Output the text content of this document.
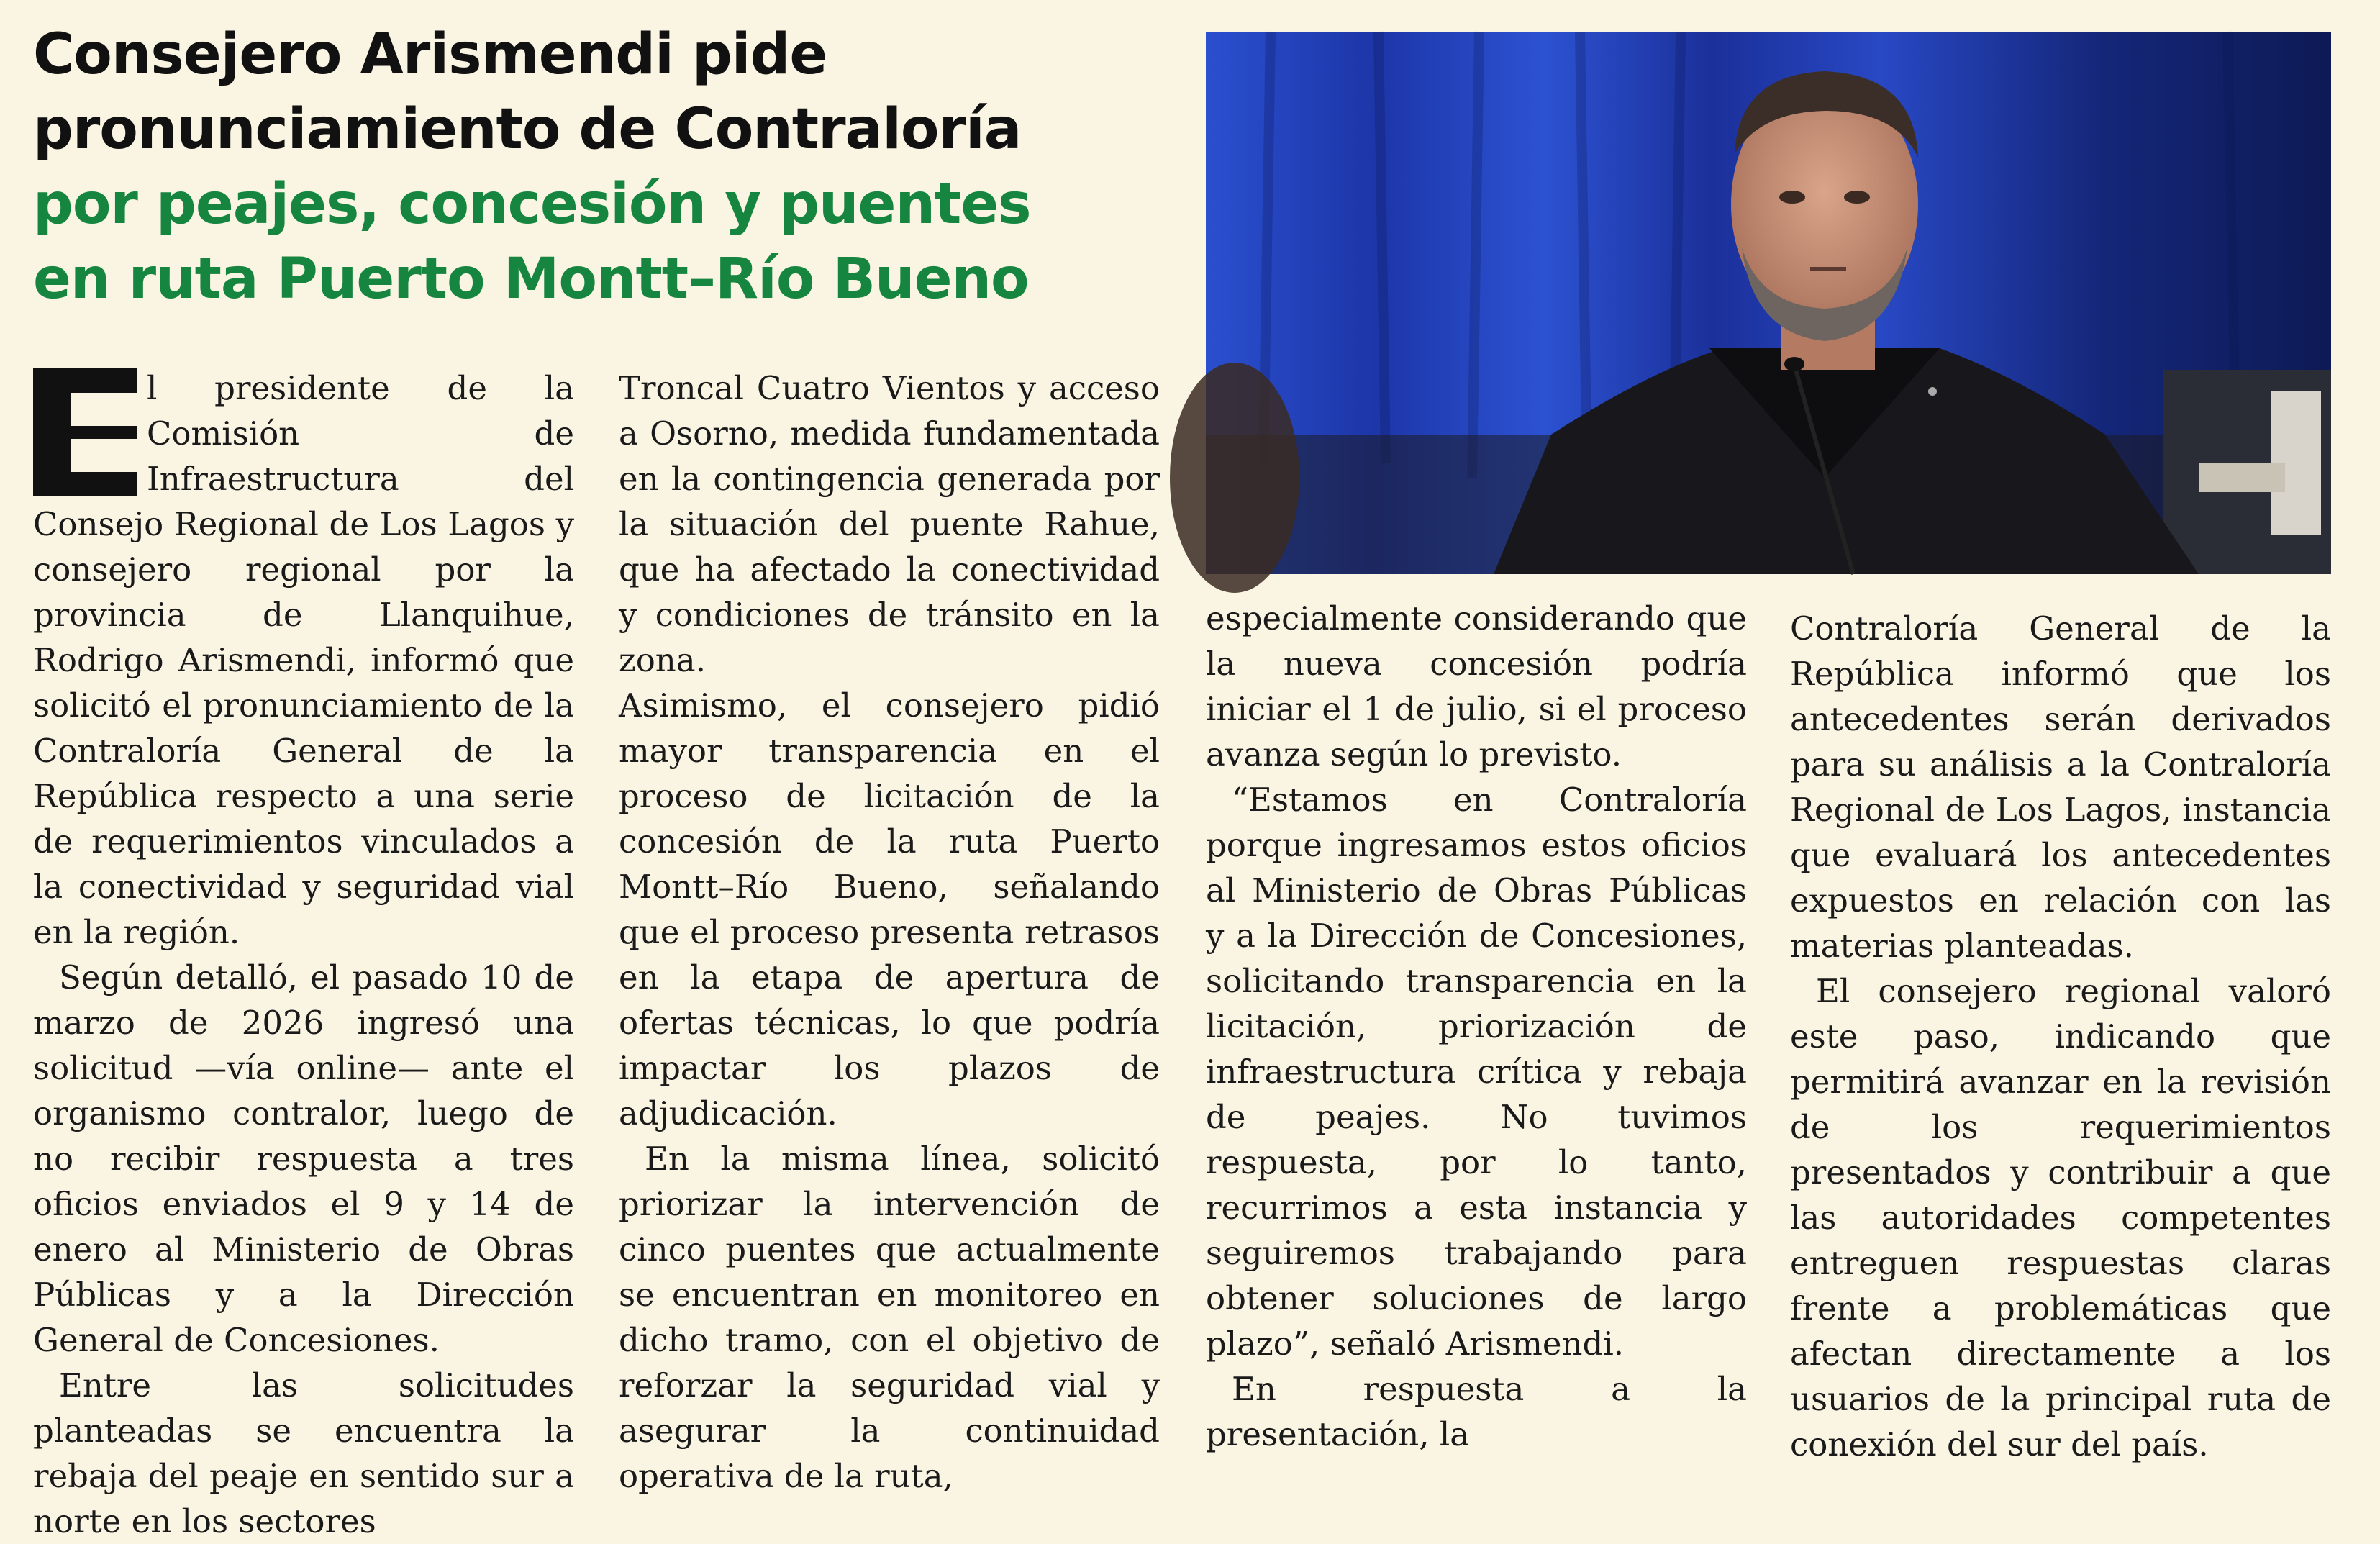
Consejero Arismendi pide
pronunciamiento de Contraloría
por peajes, concesión y puentes
en ruta Puerto Montt–Río Bueno

l presidente de la Comisión de Infraestructura del Consejo Regional de Los Lagos y consejero regional por la provincia de Llanquihue, Rodrigo Arismendi, informó que solicitó el pronunciamiento de la Contraloría General de la República respecto a una serie de requerimientos vinculados a la conectividad y seguridad vial en la región.

Según detalló, el pasado 10 de marzo de 2026 ingresó una solicitud —vía online— ante el organismo contralor, luego de no recibir respuesta a tres oficios enviados el 9 y 14 de enero al Ministerio de Obras Públicas y a la Dirección General de Concesiones.

Entre las solicitudes planteadas se encuentra la rebaja del peaje en sentido sur a norte en los sectores

Troncal Cuatro Vientos y acceso a Osorno, medida fundamentada en la contingencia generada por la situación del puente Rahue, que ha afectado la conectividad y condiciones de tránsito en la zona.

Asimismo, el consejero pidió mayor transparencia en el proceso de licitación de la concesión de la ruta Puerto Montt–Río Bueno, señalando que el proceso presenta retrasos en la etapa de apertura de ofertas técnicas, lo que podría impactar los plazos de adjudicación.

En la misma línea, solicitó priorizar la intervención de cinco puentes que actualmente se encuentran en monitoreo en dicho tramo, con el objetivo de reforzar la seguridad vial y asegurar la continuidad operativa de la ruta,

especialmente considerando que la nueva concesión podría iniciar el 1 de julio, si el proceso avanza según lo previsto.

“Estamos en Contraloría porque ingresamos estos oficios al Ministerio de Obras Públicas y a la Dirección de Concesiones, solicitando transparencia en la licitación, priorización de infraestructura crítica y rebaja de peajes. No tuvimos respuesta, por lo tanto, recurrimos a esta instancia y seguiremos trabajando para obtener soluciones de largo plazo”, señaló Arismendi.

En respuesta a la presentación, la

Contraloría General de la República informó que los antecedentes serán derivados para su análisis a la Contraloría Regional de Los Lagos, instancia que evaluará los antecedentes expuestos en relación con las materias planteadas.

El consejero regional valoró este paso, indicando que permitirá avanzar en la revisión de los requerimientos presentados y contribuir a que las autoridades competentes entreguen respuestas claras frente a problemáticas que afectan directamente a los usuarios de la principal ruta de conexión del sur del país.
